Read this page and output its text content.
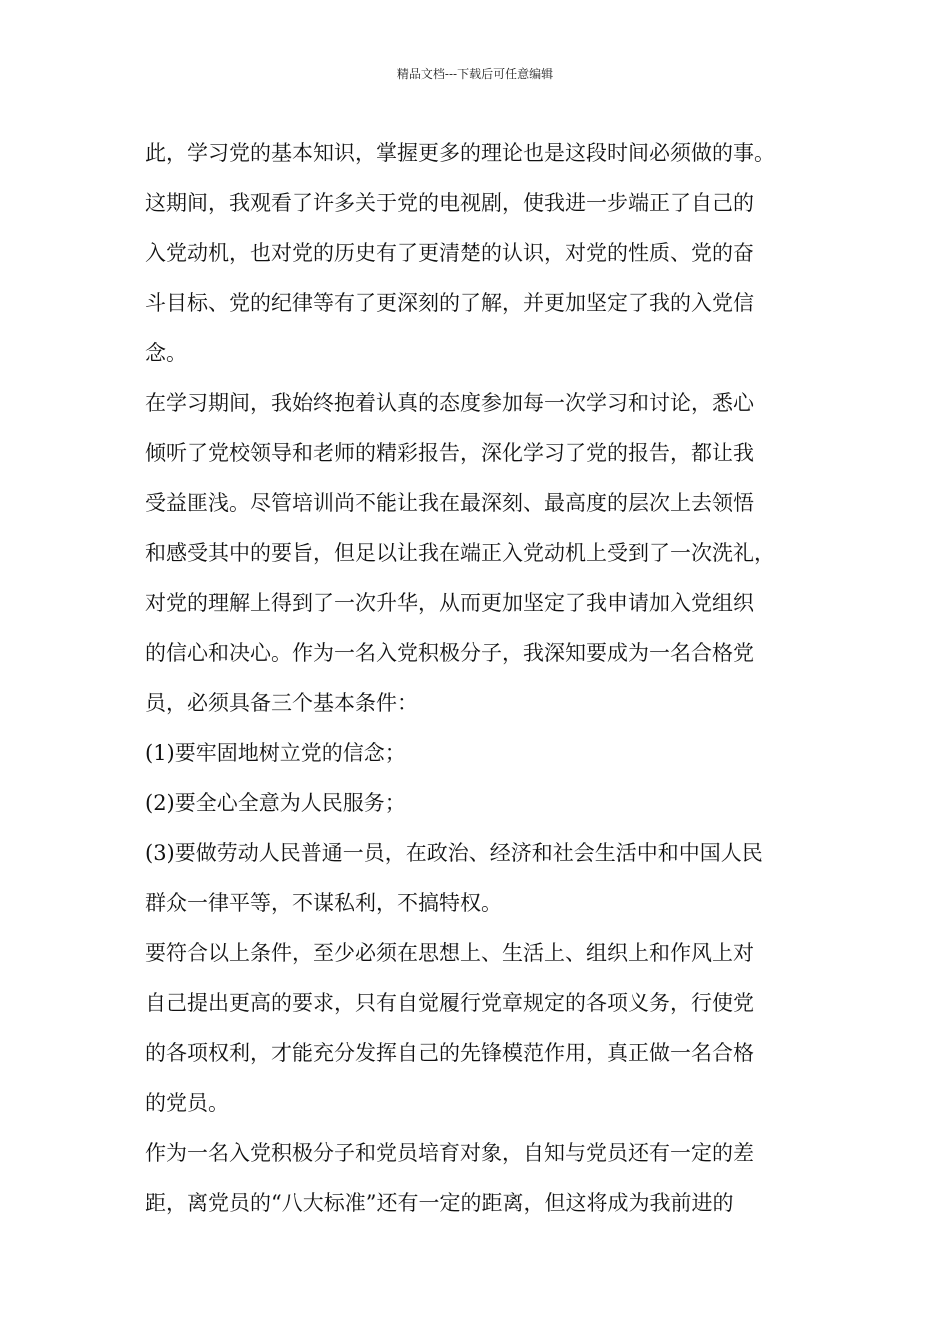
精品文档---下载后可任意编辑
此，学习党的基本知识，掌握更多的理论也是这段时间必须做的事。
这期间，我观看了许多关于党的电视剧，使我进一步端正了自己的
入党动机，也对党的历史有了更清楚的认识，对党的性质、党的奋
斗目标、党的纪律等有了更深刻的了解，并更加坚定了我的入党信
念。
在学习期间，我始终抱着认真的态度参加每一次学习和讨论，悉心
倾听了党校领导和老师的精彩报告，深化学习了党的报告，都让我
受益匪浅。尽管培训尚不能让我在最深刻、最高度的层次上去领悟
和感受其中的要旨，但足以让我在端正入党动机上受到了一次洗礼，
对党的理解上得到了一次升华，从而更加坚定了我申请加入党组织
的信心和决心。作为一名入党积极分子，我深知要成为一名合格党
员，必须具备三个基本条件：
(1)要牢固地树立党的信念；
(2)要全心全意为人民服务；
(3)要做劳动人民普通一员，在政治、经济和社会生活中和中国人民
群众一律平等，不谋私利，不搞特权。
要符合以上条件，至少必须在思想上、生活上、组织上和作风上对
自己提出更高的要求，只有自觉履行党章规定的各项义务，行使党
的各项权利，才能充分发挥自己的先锋模范作用，真正做一名合格
的党员。
作为一名入党积极分子和党员培育对象，自知与党员还有一定的差
距，离党员的“八大标准”还有一定的距离，但这将成为我前进的
